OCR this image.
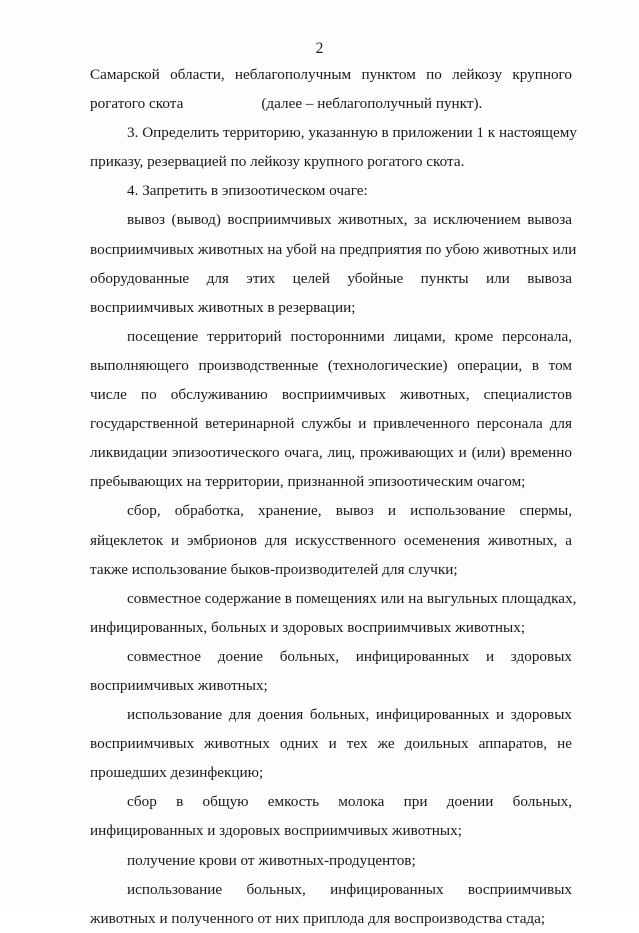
2
Самарской области, неблагополучным пунктом по лейкозу крупного
рогатого скота	(далее – неблагополучный пункт).
3. Определить территорию, указанную в приложении 1 к настоящему
приказу, резервацией по лейкозу крупного рогатого скота.
4. Запретить в эпизоотическом очаге:
вывоз (вывод) восприимчивых животных, за исключением вывоза
восприимчивых животных на убой на предприятия по убою животных или
оборудованные для этих целей убойные пункты или вывоза
восприимчивых животных в резервации;
посещение территорий посторонними лицами, кроме персонала,
выполняющего производственные (технологические) операции, в том
числе по обслуживанию восприимчивых животных, специалистов
государственной ветеринарной службы и привлеченного персонала для
ликвидации эпизоотического очага, лиц, проживающих и (или) временно
пребывающих на территории, признанной эпизоотическим очагом;
сбор, обработка, хранение, вывоз и использование спермы,
яйцеклеток и эмбрионов для искусственного осеменения животных, а
также использование быков-производителей для случки;
совместное содержание в помещениях или на выгульных площадках,
инфицированных, больных и здоровых восприимчивых животных;
совместное доение больных, инфицированных и здоровых
восприимчивых животных;
использование для доения больных, инфицированных и здоровых
восприимчивых животных одних и тех же доильных аппаратов, не
прошедших дезинфекцию;
сбор в общую емкость молока при доении больных,
инфицированных и здоровых восприимчивых животных;
получение крови от животных-продуцентов;
использование больных, инфицированных восприимчивых
животных и полученного от них приплода для воспроизводства стада;
